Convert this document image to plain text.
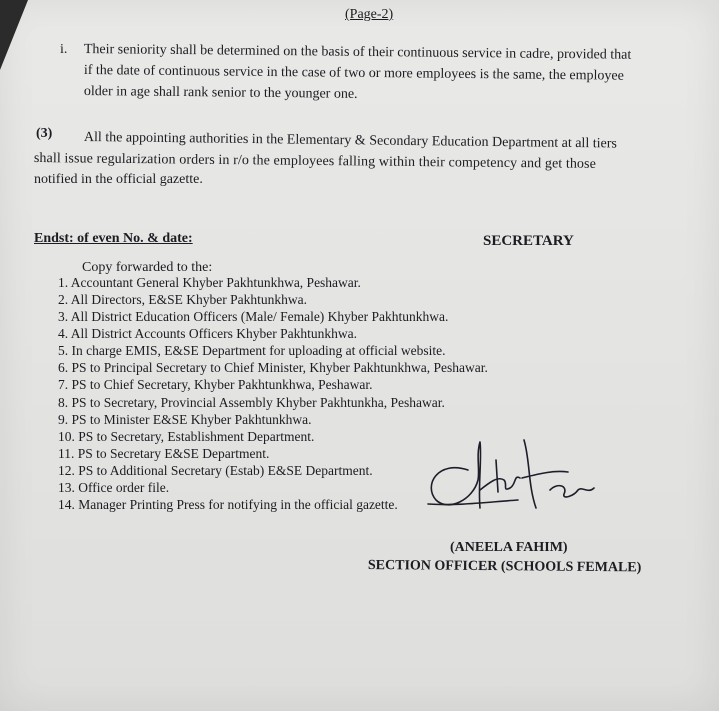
(Page-2)
i. Their seniority shall be determined on the basis of their continuous service in cadre, provided that
if the date of continuous service in the case of two or more employees is the same, the employee
older in age shall rank senior to the younger one.
(3) All the appointing authorities in the Elementary & Secondary Education Department at all tiers
shall issue regularization orders in r/o the employees falling within their competency and get those
notified in the official gazette.
Endst: of even No. & date:	SECRETARY
Copy forwarded to the:
1. Accountant General Khyber Pakhtunkhwa, Peshawar.
2. All Directors, E&SE Khyber Pakhtunkhwa.
3. All District Education Officers (Male/ Female) Khyber Pakhtunkhwa.
4. All District Accounts Officers Khyber Pakhtunkhwa.
5. In charge EMIS, E&SE Department for uploading at official website.
6. PS to Principal Secretary to Chief Minister, Khyber Pakhtunkhwa, Peshawar.
7. PS to Chief Secretary, Khyber Pakhtunkhwa, Peshawar.
8. PS to Secretary, Provincial Assembly Khyber Pakhtunkha, Peshawar.
9. PS to Minister E&SE Khyber Pakhtunkhwa.
10. PS to Secretary, Establishment Department.
11. PS to Secretary E&SE Department.
12. PS to Additional Secretary (Estab) E&SE Department.
13. Office order file.
14. Manager Printing Press for notifying in the official gazette.
(ANEELA FAHIM)
SECTION OFFICER (SCHOOLS FEMALE)
